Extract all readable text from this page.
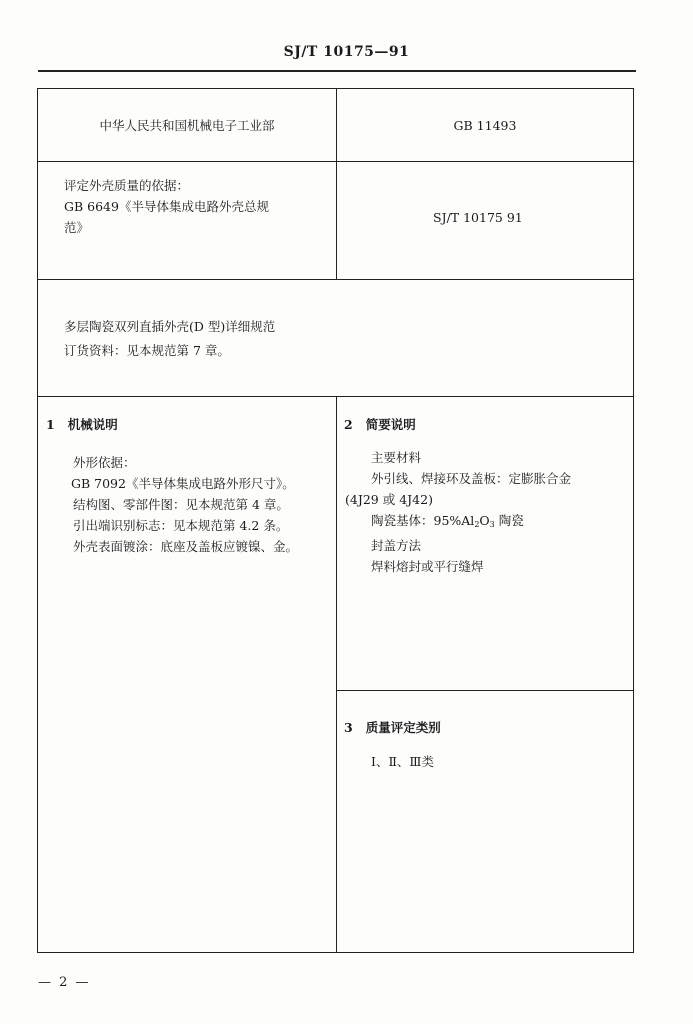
SJ/T 10175—91
中华人民共和国机械电子工业部	GB 11493
评定外壳质量的依据：
GB 6649《半导体集成电路外壳总规
范》
SJ/T 10175 91
多层陶瓷双列直插外壳(D 型)详细规范
订货资料：见本规范第 7 章。
1 机械说明
外形依据：
GB 7092《半导体集成电路外形尺寸》。
结构图、零部件图：见本规范第 4 章。
引出端识别标志：见本规范第 4.2 条。
外壳表面镀涂：底座及盖板应镀镍、金。
2 简要说明
主要材料
外引线、焊接环及盖板：定膨胀合金
(4J29 或 4J42)
陶瓷基体：$95\%Al_2O_3$ 陶瓷
封盖方法
焊料熔封或平行缝焊
3 质量评定类别
Ⅰ、Ⅱ、Ⅲ类
— 2 —
